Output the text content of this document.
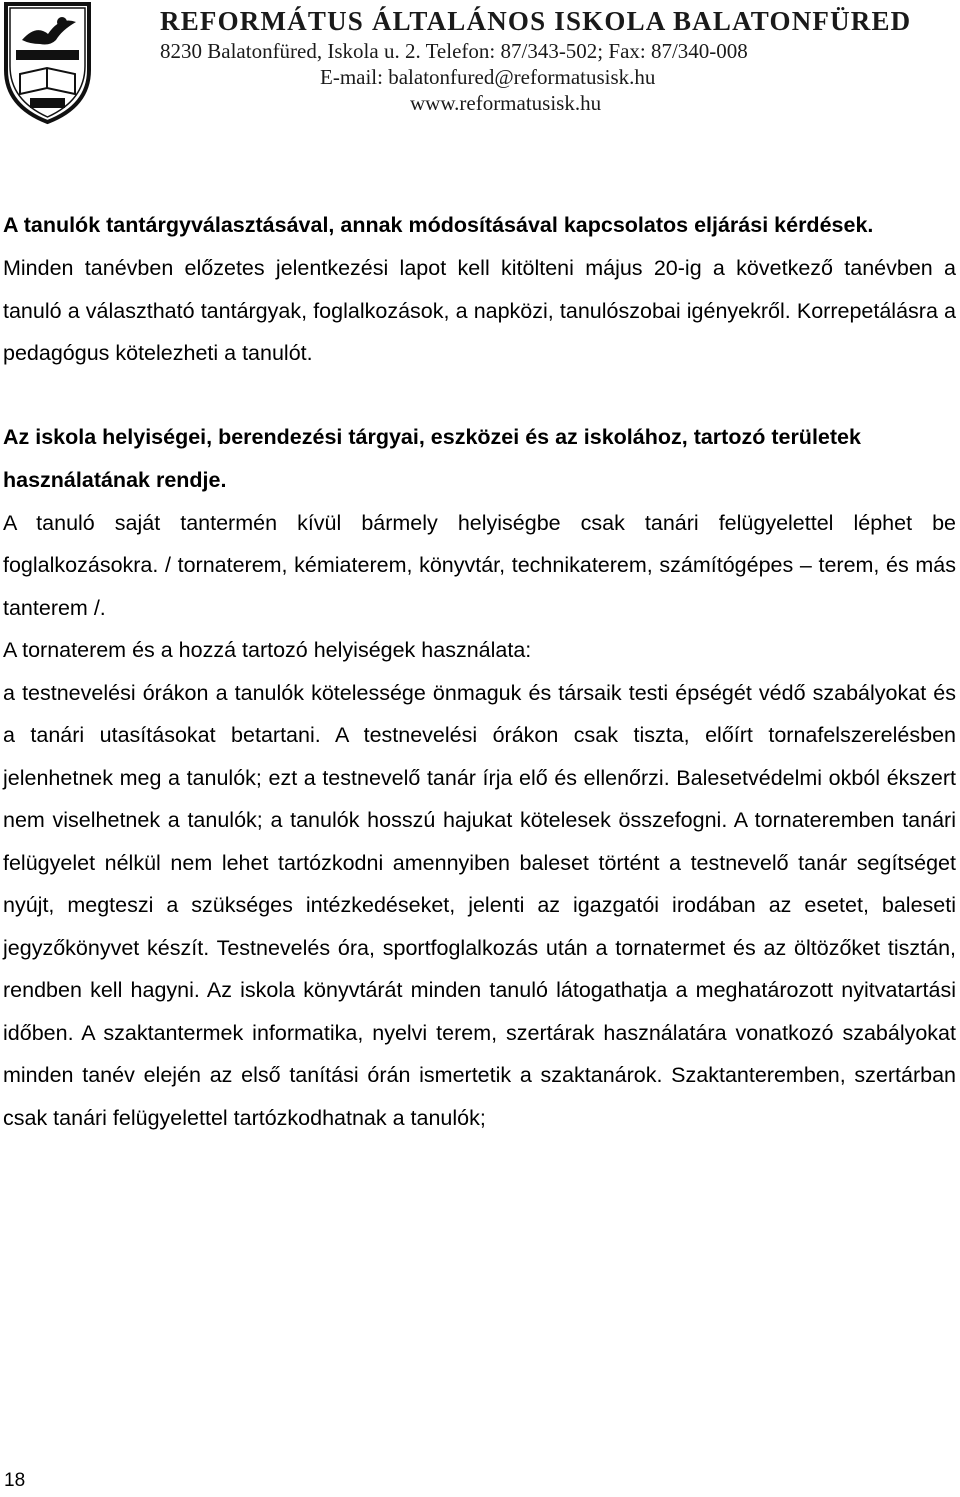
REFORMÁTUS ÁLTALÁNOS ISKOLA BALATONFÜRED
8230 Balatonfüred, Iskola u. 2. Telefon: 87/343-502; Fax: 87/340-008
E-mail: balatonfured@reformatusisk.hu
www.reformatusisk.hu

A tanulók tantárgyválasztásával, annak módosításával kapcsolatos eljárási kérdések.

Minden tanévben előzetes jelentkezési lapot kell kitölteni május 20-ig a következő tanévben a tanuló a választható tantárgyak, foglalkozások, a napközi, tanulószobai igényekről. Korrepetálásra a pedagógus kötelezheti a tanulót.

Az iskola helyiségei, berendezési tárgyai, eszközei és az iskolához, tartozó területek használatának rendje.

A tanuló saját tantermén kívül bármely helyiségbe csak tanári felügyelettel léphet be foglalkozásokra. / tornaterem, kémiaterem, könyvtár, technikaterem, számítógépes – terem, és más tanterem /.

A tornaterem és a hozzá tartozó helyiségek használata:

a testnevelési órákon a tanulók kötelessége önmaguk és társaik testi épségét védő szabályokat és a tanári utasításokat betartani. A testnevelési órákon csak tiszta, előírt tornafelszerelésben jelenhetnek meg a tanulók; ezt a testnevelő tanár írja elő és ellenőrzi. Balesetvédelmi okból ékszert nem viselhetnek a tanulók; a tanulók hosszú hajukat kötelesek összefogni. A tornateremben tanári felügyelet nélkül nem lehet tartózkodni amennyiben baleset történt a testnevelő tanár segítséget nyújt, megteszi a szükséges intézkedéseket, jelenti az igazgatói irodában az esetet, baleseti jegyzőkönyvet készít. Testnevelés óra, sportfoglalkozás után a tornatermet és az öltözőket tisztán, rendben kell hagyni. Az iskola könyvtárát minden tanuló látogathatja a meghatározott nyitvatartási időben. A szaktantermek informatika, nyelvi terem, szertárak használatára vonatkozó szabályokat minden tanév elején az első tanítási órán ismertetik a szaktanárok. Szaktanteremben, szertárban csak tanári felügyelettel tartózkodhatnak a tanulók;

18
